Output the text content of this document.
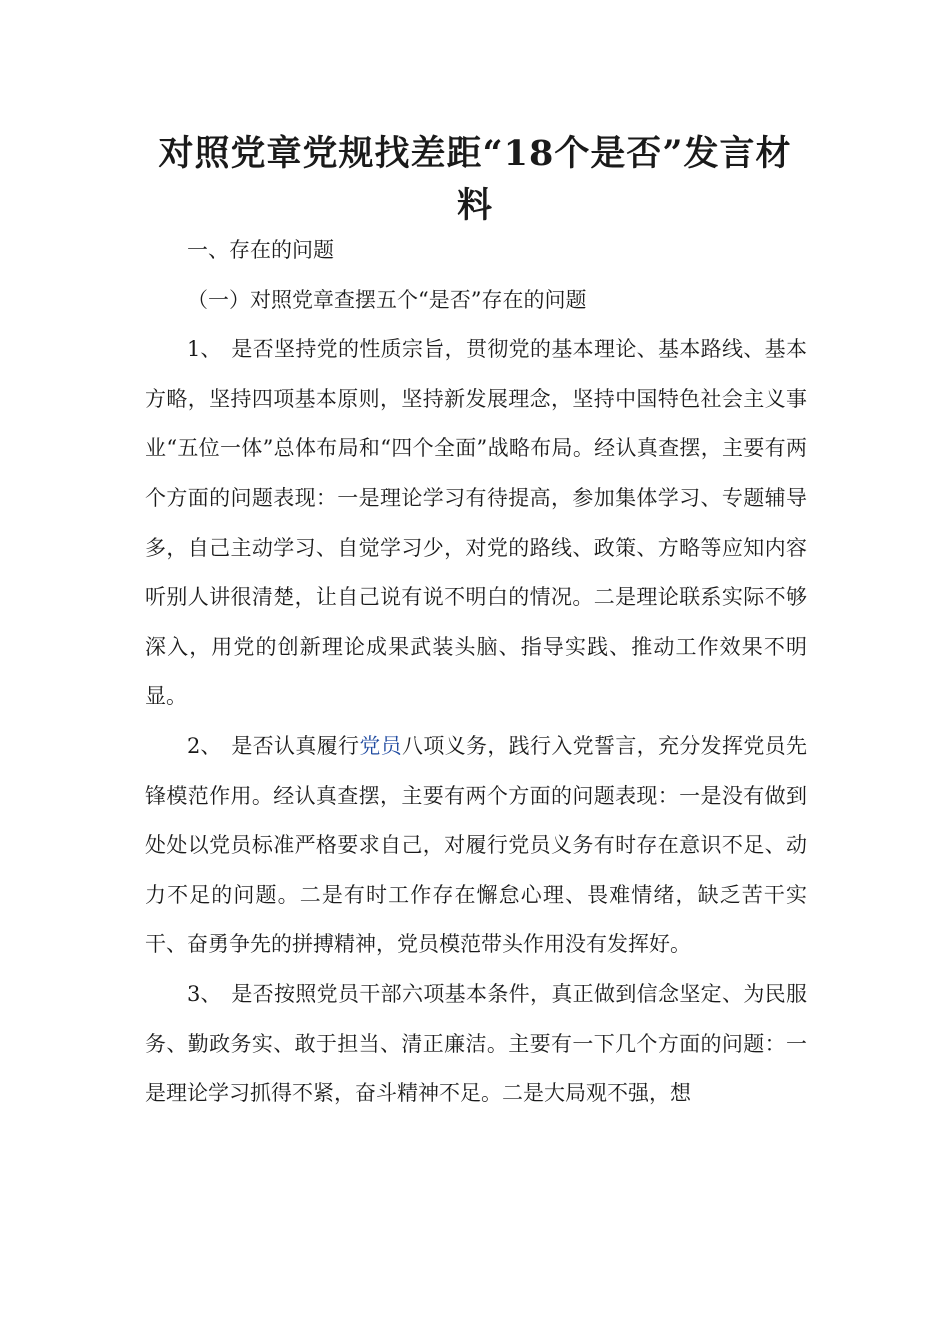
对照党章党规找差距“18个是否”发言材料

一、存在的问题

（一）对照党章查摆五个“是否”存在的问题

1、 是否坚持党的性质宗旨，贯彻党的基本理论、基本路线、基本方略，坚持四项基本原则，坚持新发展理念，坚持中国特色社会主义事业“五位一体”总体布局和“四个全面”战略布局。经认真查摆，主要有两个方面的问题表现：一是理论学习有待提高，参加集体学习、专题辅导多，自己主动学习、自觉学习少，对党的路线、政策、方略等应知内容听别人讲很清楚，让自己说有说不明白的情况。二是理论联系实际不够深入，用党的创新理论成果武装头脑、指导实践、推动工作效果不明显。

2、 是否认真履行党员八项义务，践行入党誓言，充分发挥党员先锋模范作用。经认真查摆，主要有两个方面的问题表现：一是没有做到处处以党员标准严格要求自己，对履行党员义务有时存在意识不足、动力不足的问题。二是有时工作存在懈怠心理、畏难情绪，缺乏苦干实干、奋勇争先的拼搏精神，党员模范带头作用没有发挥好。

3、 是否按照党员干部六项基本条件，真正做到信念坚定、为民服务、勤政务实、敢于担当、清正廉洁。主要有一下几个方面的问题：一是理论学习抓得不紧，奋斗精神不足。二是大局观不强，想
